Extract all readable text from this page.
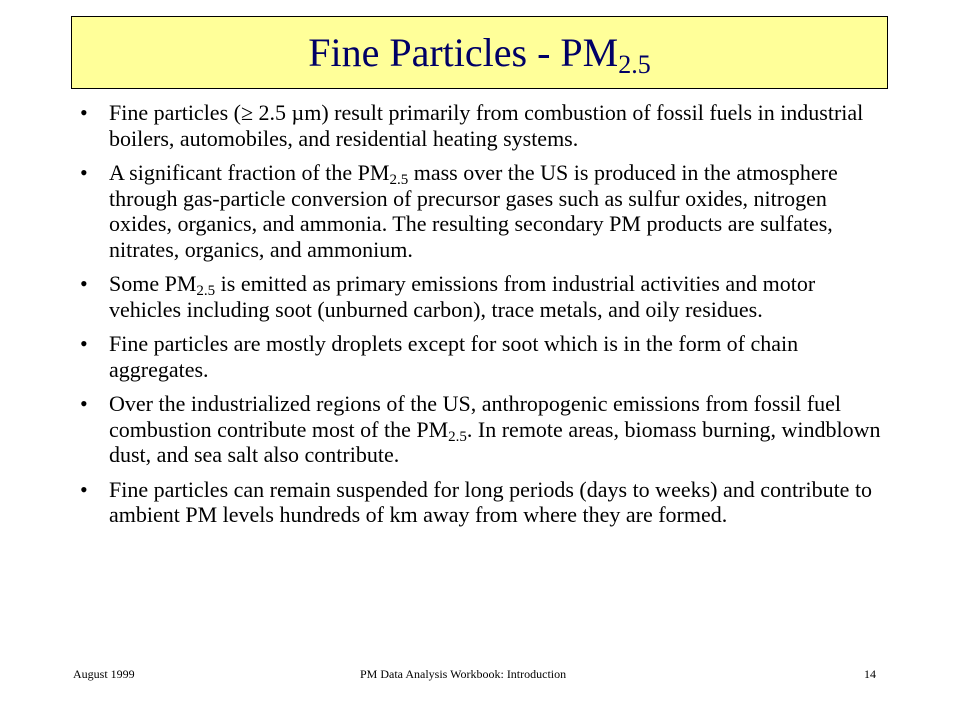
Fine Particles - $PM_{2.5}$
• Fine particles (≥ 2.5 µm) result primarily from combustion of fossil fuels in industrial boilers, automobiles, and residential heating systems.
• A significant fraction of the $PM_{2.5}$ mass over the US is produced in the atmosphere through gas-particle conversion of precursor gases such as sulfur oxides, nitrogen oxides, organics, and ammonia. The resulting secondary PM products are sulfates, nitrates, organics, and ammonium.
• Some $PM_{2.5}$ is emitted as primary emissions from industrial activities and motor vehicles including soot (unburned carbon), trace metals, and oily residues.
• Fine particles are mostly droplets except for soot which is in the form of chain aggregates.
• Over the industrialized regions of the US, anthropogenic emissions from fossil fuel combustion contribute most of the $PM_{2.5}$. In remote areas, biomass burning, windblown dust, and sea salt also contribute.
• Fine particles can remain suspended for long periods (days to weeks) and contribute to ambient PM levels hundreds of km away from where they are formed.
August 1999	PM Data Analysis Workbook: Introduction	14
